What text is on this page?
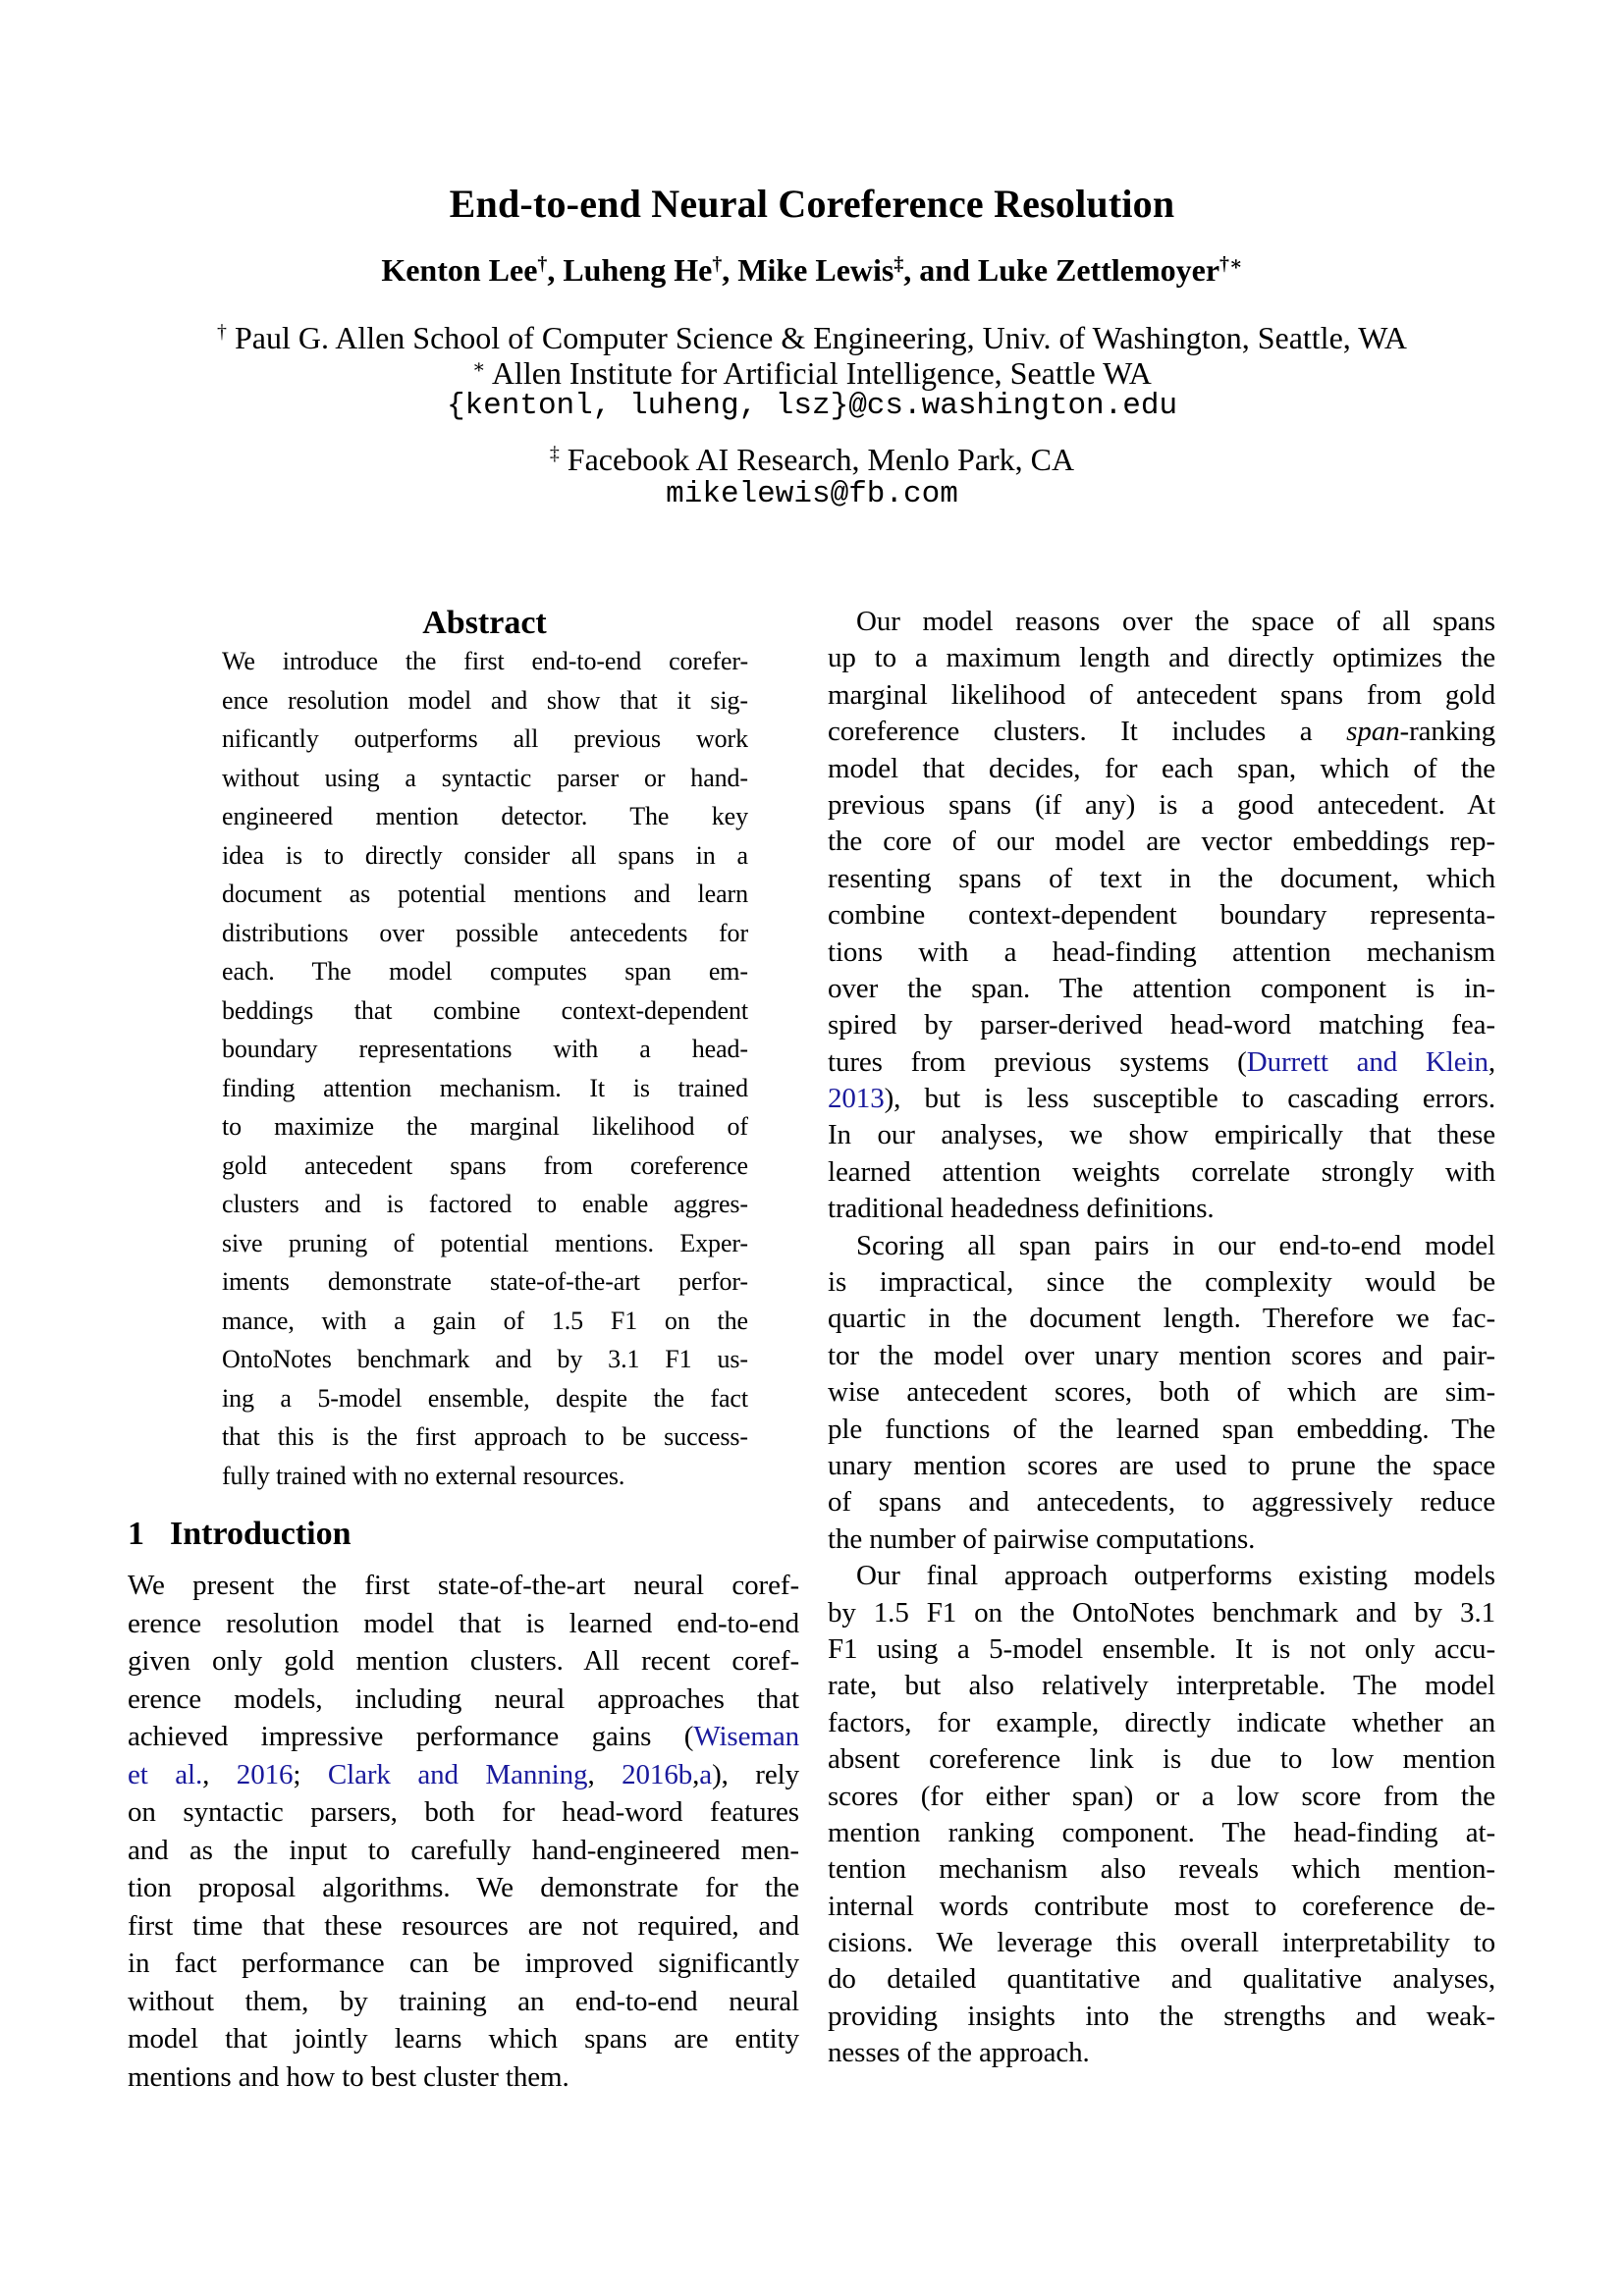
End-to-end Neural Coreference Resolution
Kenton Lee†, Luheng He†, Mike Lewis‡, and Luke Zettlemoyer†∗
† Paul G. Allen School of Computer Science & Engineering, Univ. of Washington, Seattle, WA
∗ Allen Institute for Artificial Intelligence, Seattle WA
{kentonl, luheng, lsz}@cs.washington.edu
‡ Facebook AI Research, Menlo Park, CA
mikelewis@fb.com
Abstract
We introduce the first end-to-end corefer-
ence resolution model and show that it sig-
nificantly outperforms all previous work
without using a syntactic parser or hand-
engineered mention detector. The key
idea is to directly consider all spans in a
document as potential mentions and learn
distributions over possible antecedents for
each. The model computes span em-
beddings that combine context-dependent
boundary representations with a head-
finding attention mechanism. It is trained
to maximize the marginal likelihood of
gold antecedent spans from coreference
clusters and is factored to enable aggres-
sive pruning of potential mentions. Exper-
iments demonstrate state-of-the-art perfor-
mance, with a gain of 1.5 F1 on the
OntoNotes benchmark and by 3.1 F1 us-
ing a 5-model ensemble, despite the fact
that this is the first approach to be success-
fully trained with no external resources.
1 Introduction
We present the first state-of-the-art neural coref-
erence resolution model that is learned end-to-end
given only gold mention clusters. All recent coref-
erence models, including neural approaches that
achieved impressive performance gains (Wiseman
et al., 2016; Clark and Manning, 2016b,a), rely
on syntactic parsers, both for head-word features
and as the input to carefully hand-engineered men-
tion proposal algorithms. We demonstrate for the
first time that these resources are not required, and
in fact performance can be improved significantly
without them, by training an end-to-end neural
model that jointly learns which spans are entity
mentions and how to best cluster them.
Our model reasons over the space of all spans
up to a maximum length and directly optimizes the
marginal likelihood of antecedent spans from gold
coreference clusters. It includes a span-ranking
model that decides, for each span, which of the
previous spans (if any) is a good antecedent. At
the core of our model are vector embeddings rep-
resenting spans of text in the document, which
combine context-dependent boundary representa-
tions with a head-finding attention mechanism
over the span. The attention component is in-
spired by parser-derived head-word matching fea-
tures from previous systems (Durrett and Klein,
2013), but is less susceptible to cascading errors.
In our analyses, we show empirically that these
learned attention weights correlate strongly with
traditional headedness definitions.
Scoring all span pairs in our end-to-end model
is impractical, since the complexity would be
quartic in the document length. Therefore we fac-
tor the model over unary mention scores and pair-
wise antecedent scores, both of which are sim-
ple functions of the learned span embedding. The
unary mention scores are used to prune the space
of spans and antecedents, to aggressively reduce
the number of pairwise computations.
Our final approach outperforms existing models
by 1.5 F1 on the OntoNotes benchmark and by 3.1
F1 using a 5-model ensemble. It is not only accu-
rate, but also relatively interpretable. The model
factors, for example, directly indicate whether an
absent coreference link is due to low mention
scores (for either span) or a low score from the
mention ranking component. The head-finding at-
tention mechanism also reveals which mention-
internal words contribute most to coreference de-
cisions. We leverage this overall interpretability to
do detailed quantitative and qualitative analyses,
providing insights into the strengths and weak-
nesses of the approach.
